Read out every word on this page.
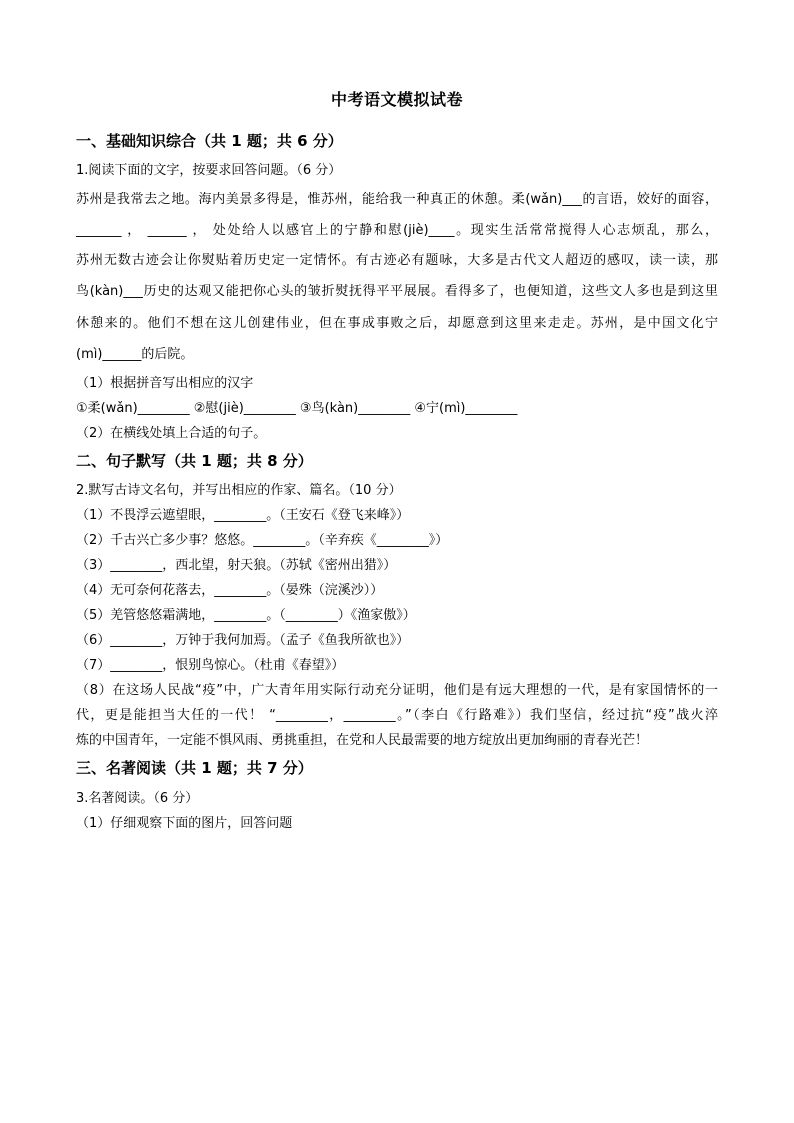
中考语文模拟试卷
一、基础知识综合（共 1 题；共 6 分）
1.阅读下面的文字，按要求回答问题。（6 分）
苏州是我常去之地。海内美景多得是，惟苏州，能给我一种真正的休憩。柔(wǎn)___的言语，姣好的面容，
_______ ， ______ ， 处处给人以感官上的宁静和慰(jiè)____。现实生活常常搅得人心志烦乱，那么，
苏州无数古迹会让你熨贴着历史定一定情怀。有古迹必有题咏，大多是古代文人超迈的感叹，读一读，那
鸟(kàn)___历史的达观又能把你心头的皱折熨抚得平平展展。看得多了，也便知道，这些文人多也是到这里
休憩来的。他们不想在这儿创建伟业，但在事成事败之后，却愿意到这里来走走。苏州，是中国文化宁
(mì)______的后院。
（1）根据拼音写出相应的汉字
①柔(wǎn)________ ②慰(jiè)________ ③鸟(kàn)________ ④宁(mì)________
（2）在横线处填上合适的句子。
二、句子默写（共 1 题；共 8 分）
2.默写古诗文名句，并写出相应的作家、篇名。（10 分）
（1）不畏浮云遮望眼，________。（王安石《登飞来峰》）
（2）千古兴亡多少事？悠悠。________。（辛弃疾《________》）
（3）________，西北望，射天狼。（苏轼《密州出猎》）
（4）无可奈何花落去，________。（晏殊（浣溪沙））
（5）羌管悠悠霜满地，________。（________）《渔家傲》）
（6）________，万钟于我何加焉。（孟子《鱼我所欲也》）
（7）________，恨别鸟惊心。（杜甫《春望》）
（8）在这场人民战“疫”中，广大青年用实际行动充分证明，他们是有远大理想的一代，是有家国情怀的一
代，更是能担当大任的一代！ “________，________。”（李白《行路难》）我们坚信，经过抗“疫”战火淬
炼的中国青年，一定能不惧风雨、勇挑重担，在党和人民最需要的地方绽放出更加绚丽的青春光芒！
三、名著阅读（共 1 题；共 7 分）
3.名著阅读。（6 分）
（1）仔细观察下面的图片，回答问题
